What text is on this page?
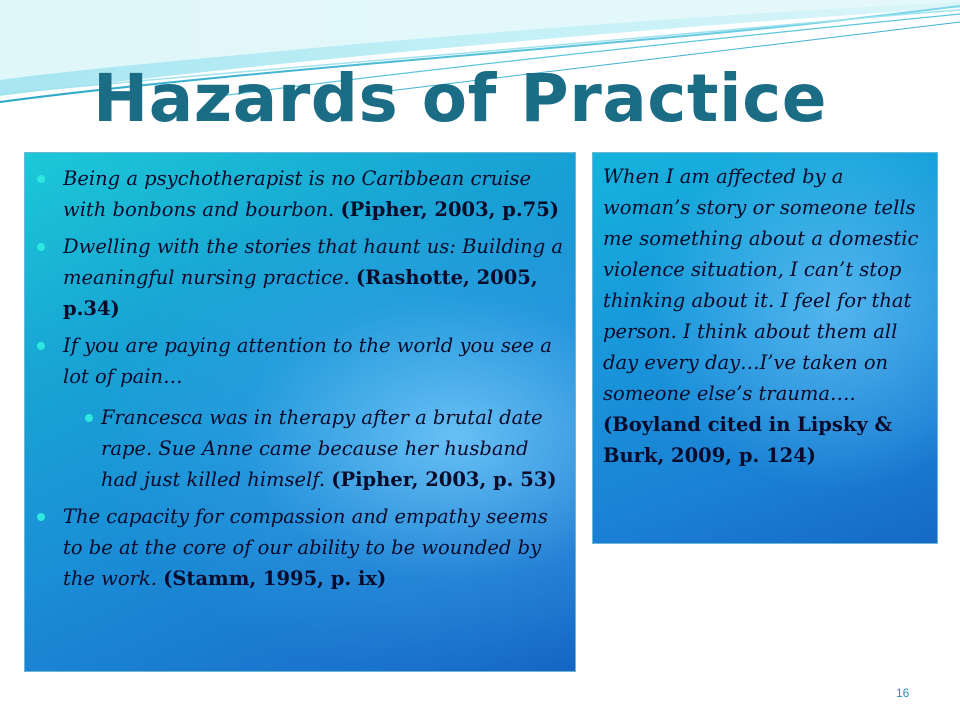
Hazards of Practice
Being a psychotherapist is no Caribbean cruise with bonbons and bourbon. (Pipher, 2003, p.75)
Dwelling with the stories that haunt us: Building a meaningful nursing practice. (Rashotte, 2005, p.34)
If you are paying attention to the world you see a lot of pain…
Francesca was in therapy after a brutal date rape. Sue Anne came because her husband had just killed himself. (Pipher, 2003, p. 53)
The capacity for compassion and empathy seems to be at the core of our ability to be wounded by the work. (Stamm, 1995, p. ix)

When I am affected by a woman’s story or someone tells me something about a domestic violence situation, I can’t stop thinking about it. I feel for that person. I think about them all day every day…I’ve taken on someone else’s trauma…. (Boyland cited in Lipsky & Burk, 2009, p. 124)

16
